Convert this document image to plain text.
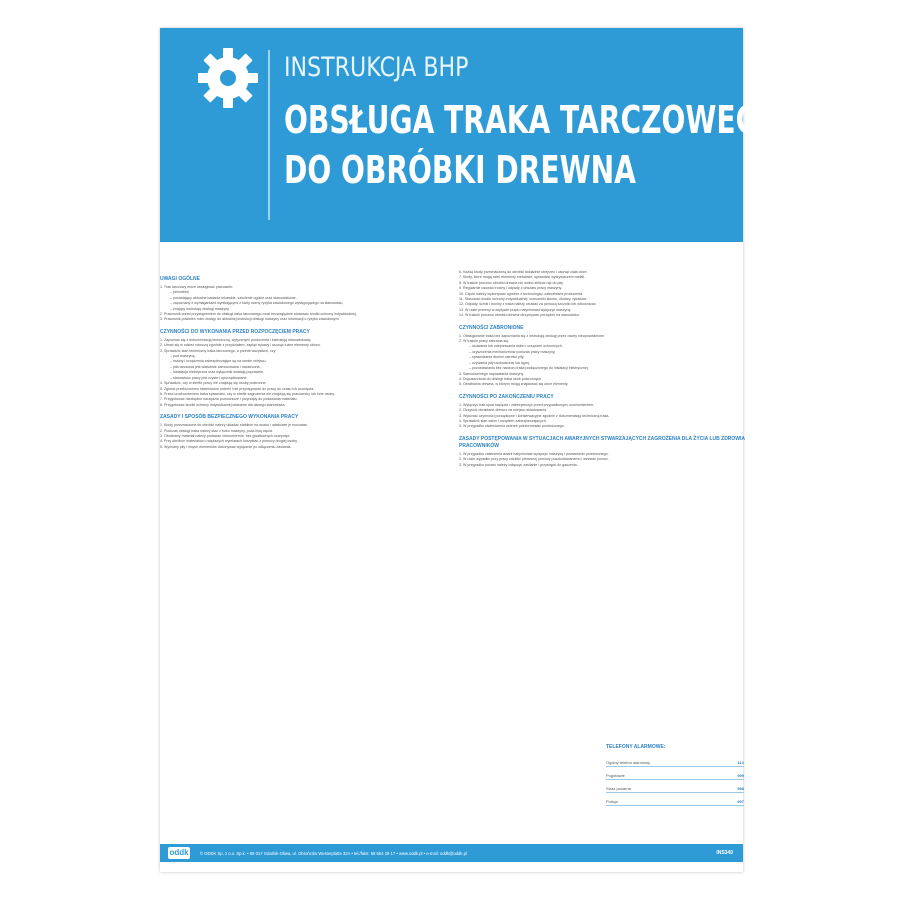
INSTRUKCJA BHP
OBSŁUGA TRAKA TARCZOWEGO
DO OBRÓBKI DREWNA
UWAGI OGÓLNE
1. Trak tarczowy może obsługiwać pracownik:
– pełnoletni,
– posiadający aktualne badania lekarskie, szkolenie ogólne oraz stanowiskowe,
– zapoznany z wymaganiami wynikającymi z karty oceny ryzyka zawodowego występującego na stanowisku,
– znający instrukcję obsługi maszyny.
2. Pracownik przed przystąpieniem do obsługi traka tarczowego musi bezwzględnie stosować środki ochrony indywidualnej.
3. Pracownik powinien mieć dostęp do aktualnej instrukcji obsługi maszyny oraz informacji o ryzyku zawodowym.
CZYNNOŚCI DO WYKONANIA PRZED ROZPOCZĘCIEM PRACY
1. Zapoznać się z dokumentacją techniczną, wytycznymi producenta i instrukcją stanowiskową.
2. Ubrać się w odzież roboczą zgodnie z przydziałem, zapiąć rękawy i usunąć luźne elementy ubioru.
3. Sprawdzić stan techniczny traka tarczowego, a przede wszystkim, czy:
– pod maszyną,
– osłony i urządzenia zabezpieczające są na swoim miejscu,
– piła tarczowa jest właściwie zamocowana i naostrzona,
– instalacja elektryczna oraz wyłączniki działają poprawnie,
– stanowisko pracy jest czyste i uporządkowane.
4. Sprawdzić, czy w strefie pracy nie znajdują się osoby postronne.
5. Zgłosić przełożonemu stwierdzone usterki i nie przystępować do pracy do czasu ich usunięcia.
6. Przed uruchomieniem traka sprawdzić, czy w strefie zagrożenia nie znajdują się pracownicy lub inne osoby.
7. Przygotować niezbędne narzędzia pomocnicze i przyrządy do podawania materiału.
8. Przygotować środki ochrony indywidualnej właściwe dla danego stanowiska.
ZASADY I SPOSÓB BEZPIECZNEGO WYKONANIA PRACY
1. Kłody przeznaczone do obróbki należy układać stabilnie na wózku i właściwie je mocować.
2. Podczas obsługi traka należy stać z boku maszyny, poza linią cięcia.
3. Obrabiany materiał należy podawać równomiernie, bez gwałtownych szarpnięć.
4. Przy obróbce materiałów o większych wymiarach korzystać z pomocy drugiej osoby.
5. Wymiany piły i innych elementów dokonywać wyłącznie po odłączeniu zasilania.
6. Każdą kłodę przeznaczoną do obróbki dokładnie obejrzeć i usunąć ciała obce.
7. Kłody, które mogą mieć elementy metalowe, sprawdzić wykrywaczem metali.
8. W trakcie procesu obróbki drewna nie wolno zbliżać rąk do piły.
9. Regularnie usuwać trociny i odpady z obszaru pracy maszyny.
10. Cięcie należy wykonywać zgodnie z technologią i zaleceniami producenta.
11. Stosować środki ochrony indywidualnej: ochronniki słuchu, okulary, rękawice.
12. Odpady, ścinki i trociny z traka należy usuwać za pomocą szczotki lub odkurzacza.
13. W razie przerwy w dopływie prądu natychmiast wyłączyć maszynę.
14. W trakcie procesu obróbki drewna utrzymywać porządek na stanowisku.
CZYNNOŚCI ZABRONIONE
1. Obsługiwanie traka bez zapoznania się z instrukcją obsługi przez osoby nieupoważnione.
2. W trakcie pracy zabrania się:
– usuwania lub zdejmowania osłon i urządzeń ochronnych,
– czyszczenia mechanizmów podczas pracy maszyny,
– sprawdzania dłońmi ostrości piły,
– używania piły uszkodzonej lub tępej,
– pozostawiania bez nadzoru traka podłączonego do instalacji elektrycznej.
3. Samodzielnego naprawiania maszyny.
4. Dopuszczania do obsługi traka osób postronnych.
5. Obrabiania drewna, w którym mogą znajdować się obce elementy.
CZYNNOŚCI PO ZAKOŃCZENIU PRACY
1. Wyłączyć trak spod napięcia i zabezpieczyć przed przypadkowym uruchomieniem.
2. Oczyścić obrabiane drewno na miejscu składowania.
3. Wykonać czynności porządkowe i konserwacyjne zgodnie z dokumentacją techniczną traka.
4. Sprawdzić stan osłon i urządzeń zabezpieczających.
5. W przypadku stwierdzenia usterek poinformować przełożonego.
ZASADY POSTĘPOWANIA W SYTUACJACH AWARYJNYCH STWARZAJĄCYCH ZAGROŻENIA DLA ŻYCIA LUB ZDROWIA PRACOWNIKÓW
1. W przypadku zaistnienia awarii natychmiast wyłączyć maszynę i powiadomić przełożonego.
2. W razie wypadku przy pracy udzielić pierwszej pomocy poszkodowanemu i wezwać pomoc.
3. W przypadku pożaru należy odłączyć zasilanie i przystąpić do gaszenia.
TELEFONY ALARMOWE:
Ogólny telefon alarmowy	112
Pogotowie	999
Straż pożarna	998
Policja	997
oddk	© ODDK Sp. z o.o. Sp.k. • 80-317 Gdańsk-Oliwa, ul. Obrońców Westerplatte 32A • tel./faks: 58 554 29 17 • www.oddk.pl • e-mail: oddk@oddk.pl	INS340
